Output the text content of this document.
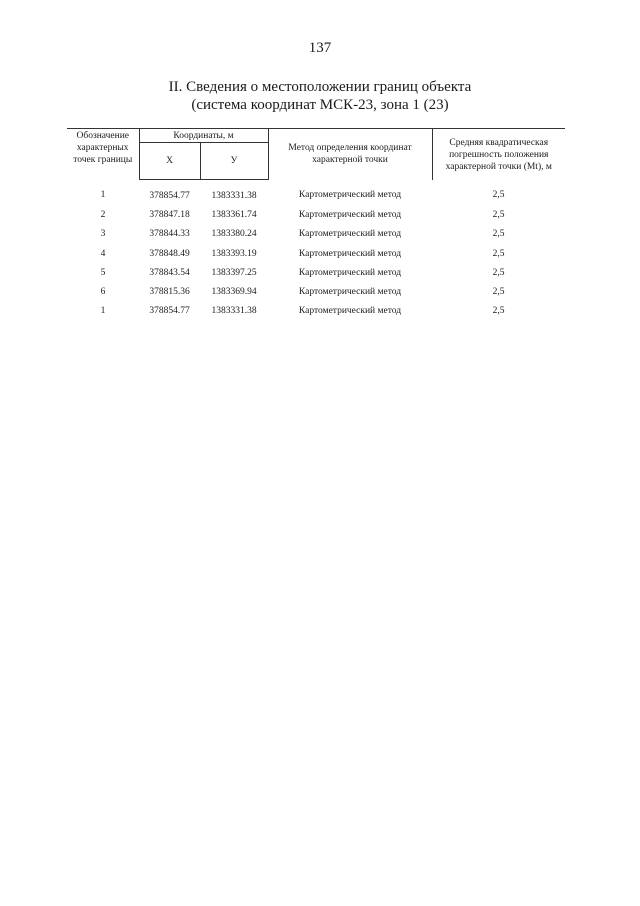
137
II. Сведения о местоположении границ объекта
(система координат МСК-23, зона 1 (23)
Обозначение характерных точек границы	Координаты, м		Метод определения координат характерной точки	Средняя квадратическая погрешность положения характерной точки (Mt), м
	X	У		
1	378854.77	1383331.38	Картометрический метод	2,5
2	378847.18	1383361.74	Картометрический метод	2,5
3	378844.33	1383380.24	Картометрический метод	2,5
4	378848.49	1383393.19	Картометрический метод	2,5
5	378843.54	1383397.25	Картометрический метод	2,5
6	378815.36	1383369.94	Картометрический метод	2,5
1	378854.77	1383331.38	Картометрический метод	2,5
